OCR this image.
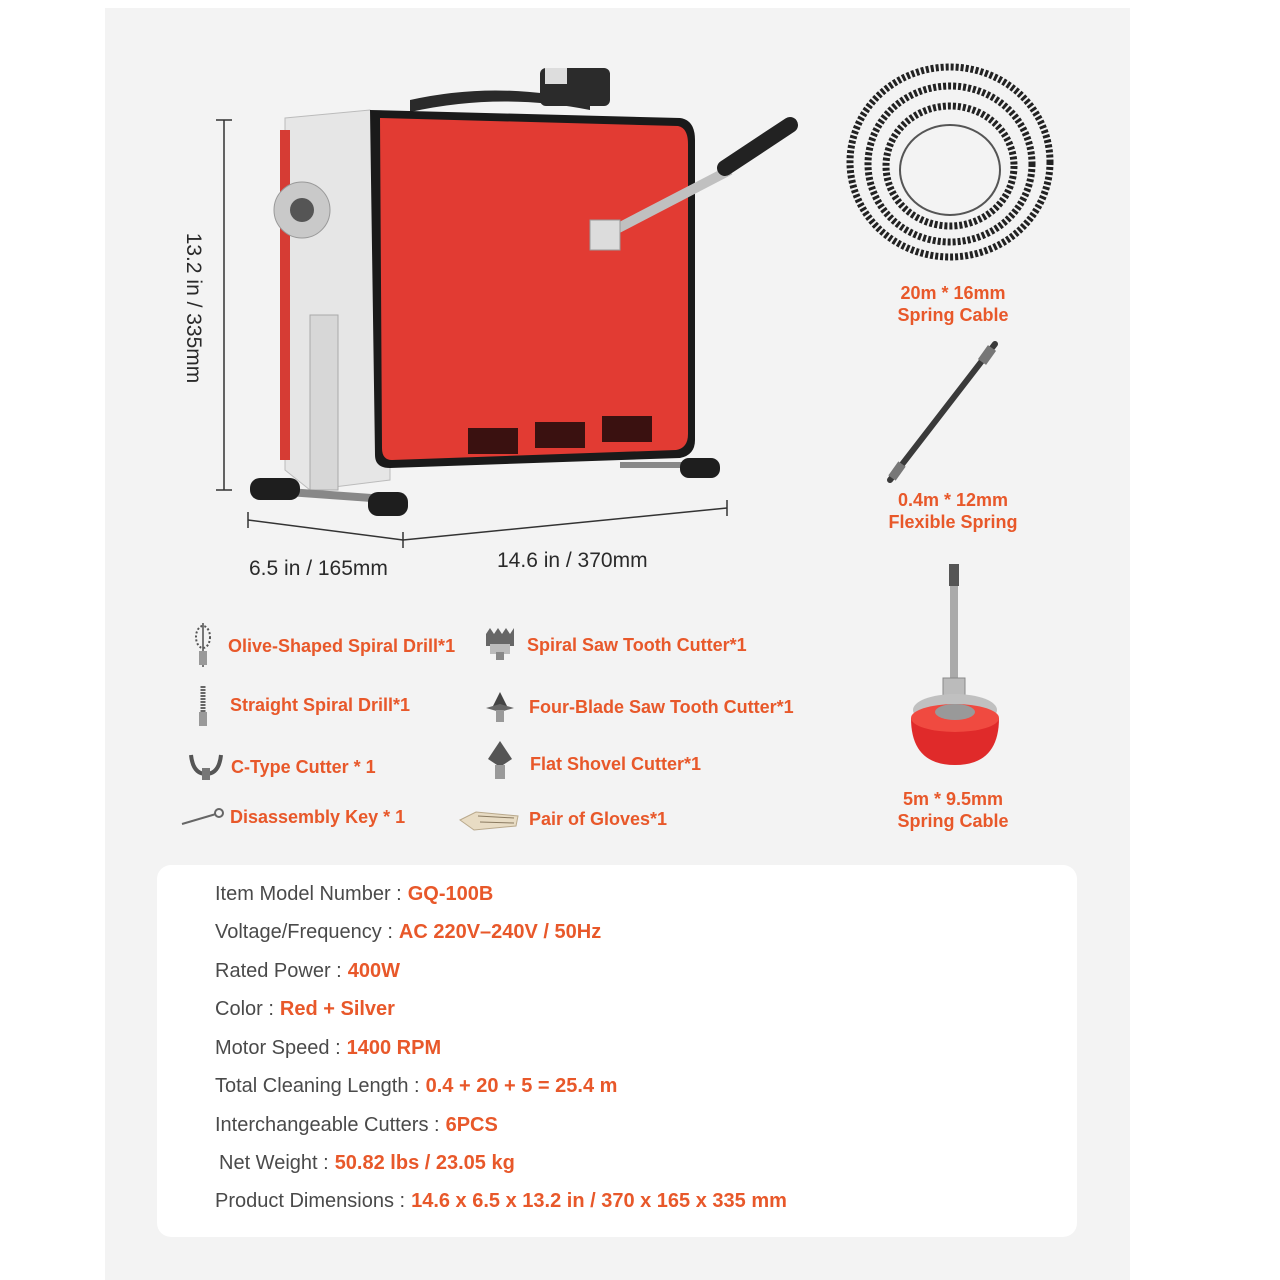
13.2 in / 335mm
6.5 in / 165mm	14.6 in / 370mm
20m * 16mm
Spring Cable
0.4m * 12mm
Flexible Spring
5m * 9.5mm
Spring Cable
Olive-Shaped Spiral Drill*1
Straight Spiral Drill*1
C-Type Cutter * 1
Disassembly Key * 1
Spiral Saw Tooth Cutter*1
Four-Blade Saw Tooth Cutter*1
Flat Shovel Cutter*1
Pair of Gloves*1
Item Model Number : GQ-100B
Voltage/Frequency : AC 220V–240V / 50Hz
Rated Power : 400W
Color : Red + Silver
Motor Speed : 1400 RPM
Total Cleaning Length : 0.4 + 20 + 5 = 25.4 m
Interchangeable Cutters : 6PCS
Net Weight : 50.82 lbs / 23.05 kg
Product Dimensions : 14.6 x 6.5 x 13.2 in / 370 x 165 x 335 mm
